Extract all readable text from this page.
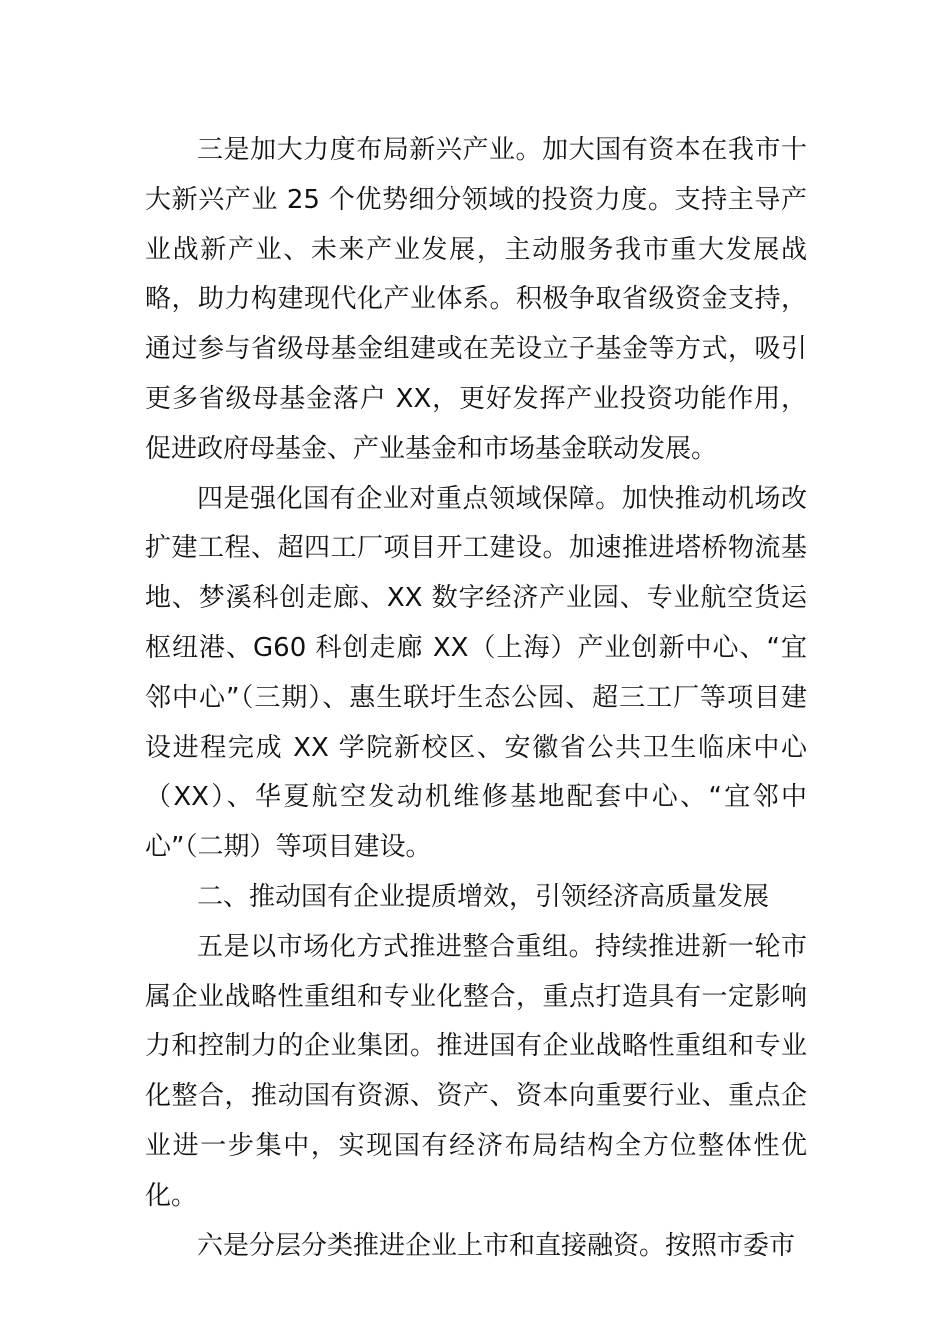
三是加大力度布局新兴产业。加大国有资本在我市十大新兴产业 25 个优势细分领域的投资力度。支持主导产业战新产业、未来产业发展，主动服务我市重大发展战略，助力构建现代化产业体系。积极争取省级资金支持，通过参与省级母基金组建或在芜设立子基金等方式，吸引更多省级母基金落户 XX，更好发挥产业投资功能作用，促进政府母基金、产业基金和市场基金联动发展。

四是强化国有企业对重点领域保障。加快推动机场改扩建工程、超四工厂项目开工建设。加速推进塔桥物流基地、梦溪科创走廊、XX 数字经济产业园、专业航空货运枢纽港、G60 科创走廊 XX（上海）产业创新中心、“宜邻中心”（三期）、惠生联圩生态公园、超三工厂等项目建设进程完成 XX 学院新校区、安徽省公共卫生临床中心（XX）、华夏航空发动机维修基地配套中心、“宜邻中心”（二期）等项目建设。

二、推动国有企业提质增效，引领经济高质量发展

五是以市场化方式推进整合重组。持续推进新一轮市属企业战略性重组和专业化整合，重点打造具有一定影响力和控制力的企业集团。推进国有企业战略性重组和专业化整合，推动国有资源、资产、资本向重要行业、重点企业进一步集中，实现国有经济布局结构全方位整体性优化。

六是分层分类推进企业上市和直接融资。按照市委市
